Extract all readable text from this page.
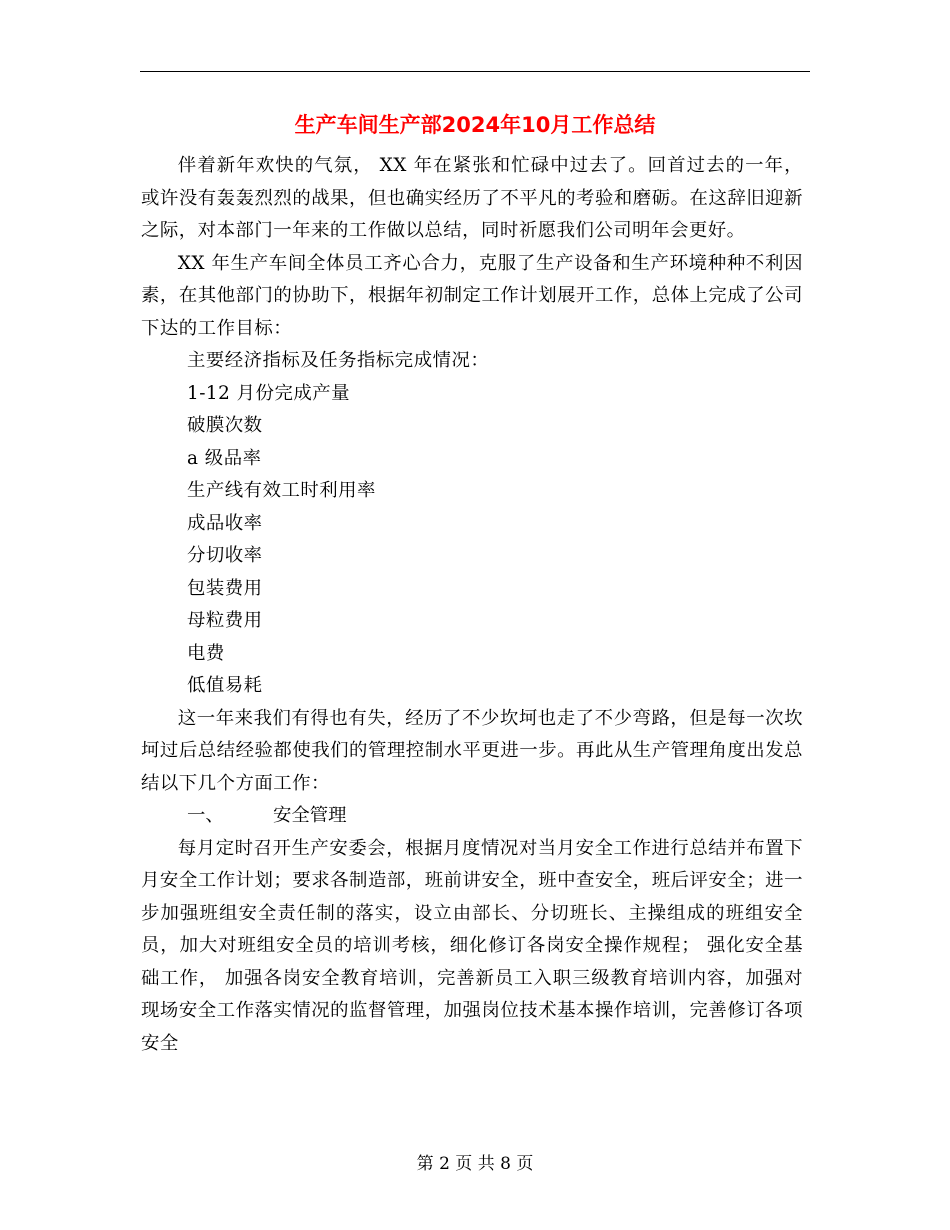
生产车间生产部2024年10月工作总结

伴着新年欢快的气氛， XX 年在紧张和忙碌中过去了。回首过去的一年，或许没有轰轰烈烈的战果，但也确实经历了不平凡的考验和磨砺。在这辞旧迎新之际，对本部门一年来的工作做以总结，同时祈愿我们公司明年会更好。

XX 年生产车间全体员工齐心合力，克服了生产设备和生产环境种种不利因素，在其他部门的协助下，根据年初制定工作计划展开工作，总体上完成了公司下达的工作目标：

主要经济指标及任务指标完成情况：

1-12 月份完成产量

破膜次数

a 级品率

生产线有效工时利用率

成品收率

分切收率

包装费用

母粒费用

电费

低值易耗

这一年来我们有得也有失，经历了不少坎坷也走了不少弯路，但是每一次坎坷过后总结经验都使我们的管理控制水平更进一步。再此从生产管理角度出发总结以下几个方面工作：

一、	安全管理

每月定时召开生产安委会，根据月度情况对当月安全工作进行总结并布置下月安全工作计划；要求各制造部，班前讲安全，班中查安全，班后评安全；进一步加强班组安全责任制的落实，设立由部长、分切班长、主操组成的班组安全员，加大对班组安全员的培训考核，细化修订各岗安全操作规程； 强化安全基础工作， 加强各岗安全教育培训，完善新员工入职三级教育培训内容，加强对现场安全工作落实情况的监督管理，加强岗位技术基本操作培训，完善修订各项安全

第 2 页 共 8 页
